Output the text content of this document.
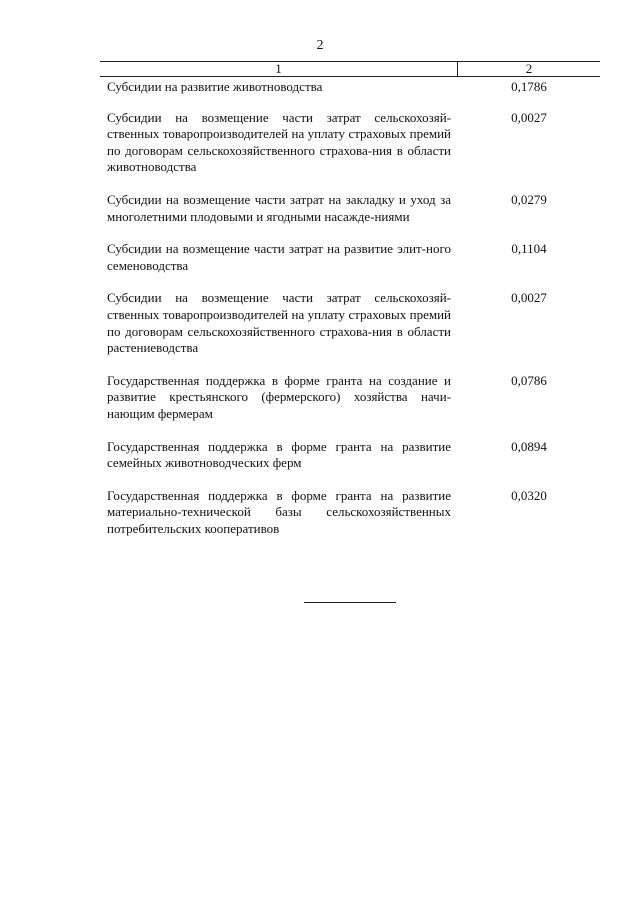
2
1	2
Субсидии на развитие животноводства	0,1786
Субсидии на возмещение части затрат сельскохозяй-ственных товаропроизводителей на уплату страховых премий по договорам сельскохозяйственного страхова-ния в области животноводства
0,0027
Субсидии на возмещение части затрат на закладку и уход за многолетними плодовыми и ягодными насажде-ниями
0,0279
Субсидии на возмещение части затрат на развитие элит-ного семеноводства
0,1104
Субсидии на возмещение части затрат сельскохозяй-ственных товаропроизводителей на уплату страховых премий по договорам сельскохозяйственного страхова-ния в области растениеводства
0,0027
Государственная поддержка в форме гранта на создание и развитие крестьянского (фермерского) хозяйства начи-нающим фермерам
0,0786
Государственная поддержка в форме гранта на развитие семейных животноводческих ферм
0,0894
Государственная поддержка в форме гранта на развитие материально-технической базы сельскохозяйственных потребительских кооперативов
0,0320
